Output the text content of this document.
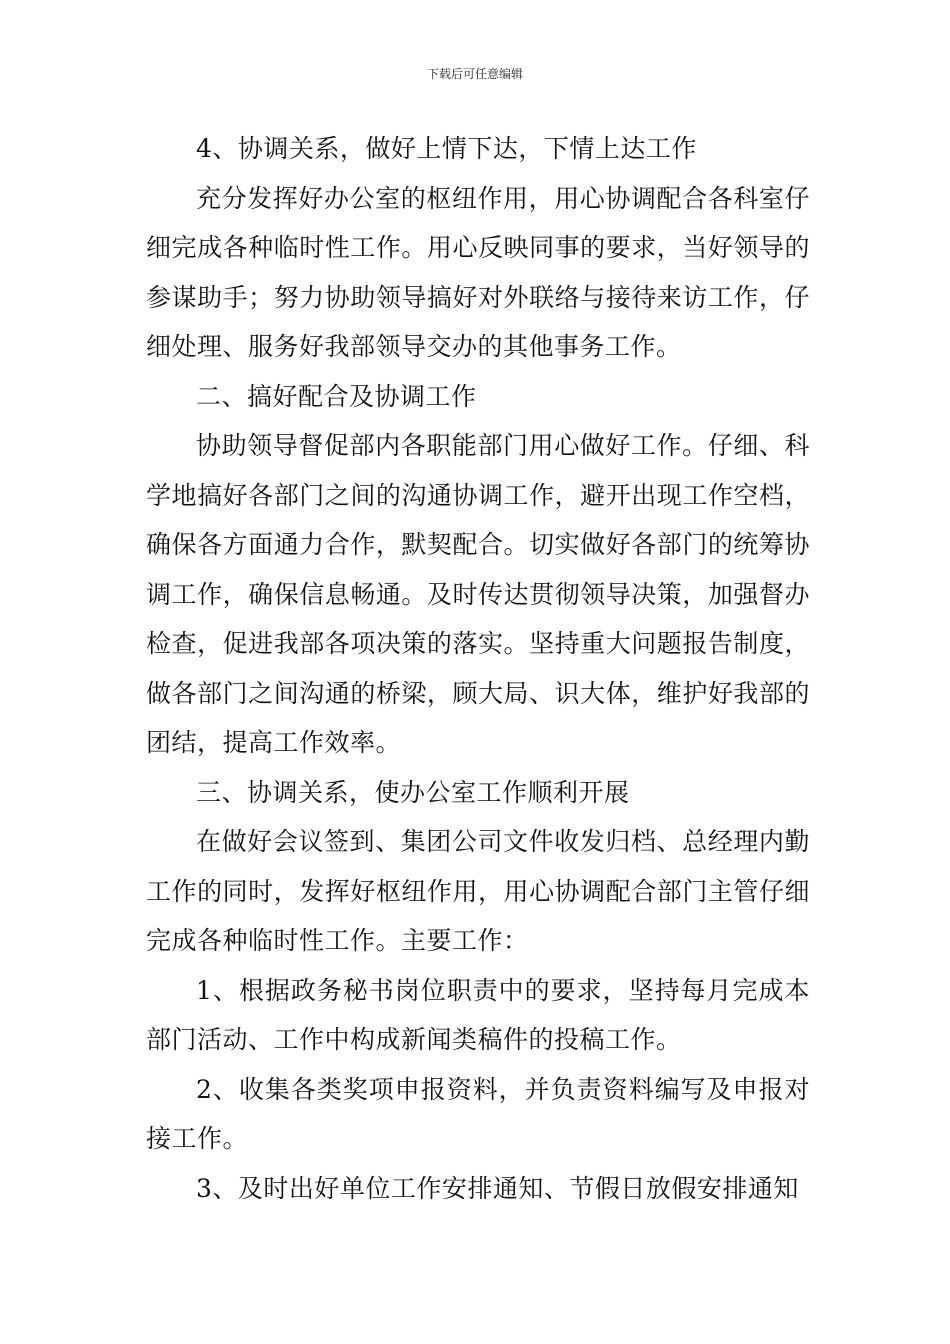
下载后可任意编辑

4、协调关系，做好上情下达，下情上达工作

充分发挥好办公室的枢纽作用，用心协调配合各科室仔细完成各种临时性工作。用心反映同事的要求，当好领导的参谋助手；努力协助领导搞好对外联络与接待来访工作，仔细处理、服务好我部领导交办的其他事务工作。

二、搞好配合及协调工作

协助领导督促部内各职能部门用心做好工作。仔细、科学地搞好各部门之间的沟通协调工作，避开出现工作空档，确保各方面通力合作，默契配合。切实做好各部门的统筹协调工作，确保信息畅通。及时传达贯彻领导决策，加强督办检查，促进我部各项决策的落实。坚持重大问题报告制度，做各部门之间沟通的桥梁，顾大局、识大体，维护好我部的团结，提高工作效率。

三、协调关系，使办公室工作顺利开展

在做好会议签到、集团公司文件收发归档、总经理内勤工作的同时，发挥好枢纽作用，用心协调配合部门主管仔细完成各种临时性工作。主要工作：

1、根据政务秘书岗位职责中的要求，坚持每月完成本部门活动、工作中构成新闻类稿件的投稿工作。

2、收集各类奖项申报资料，并负责资料编写及申报对接工作。

3、及时出好单位工作安排通知、节假日放假安排通知
